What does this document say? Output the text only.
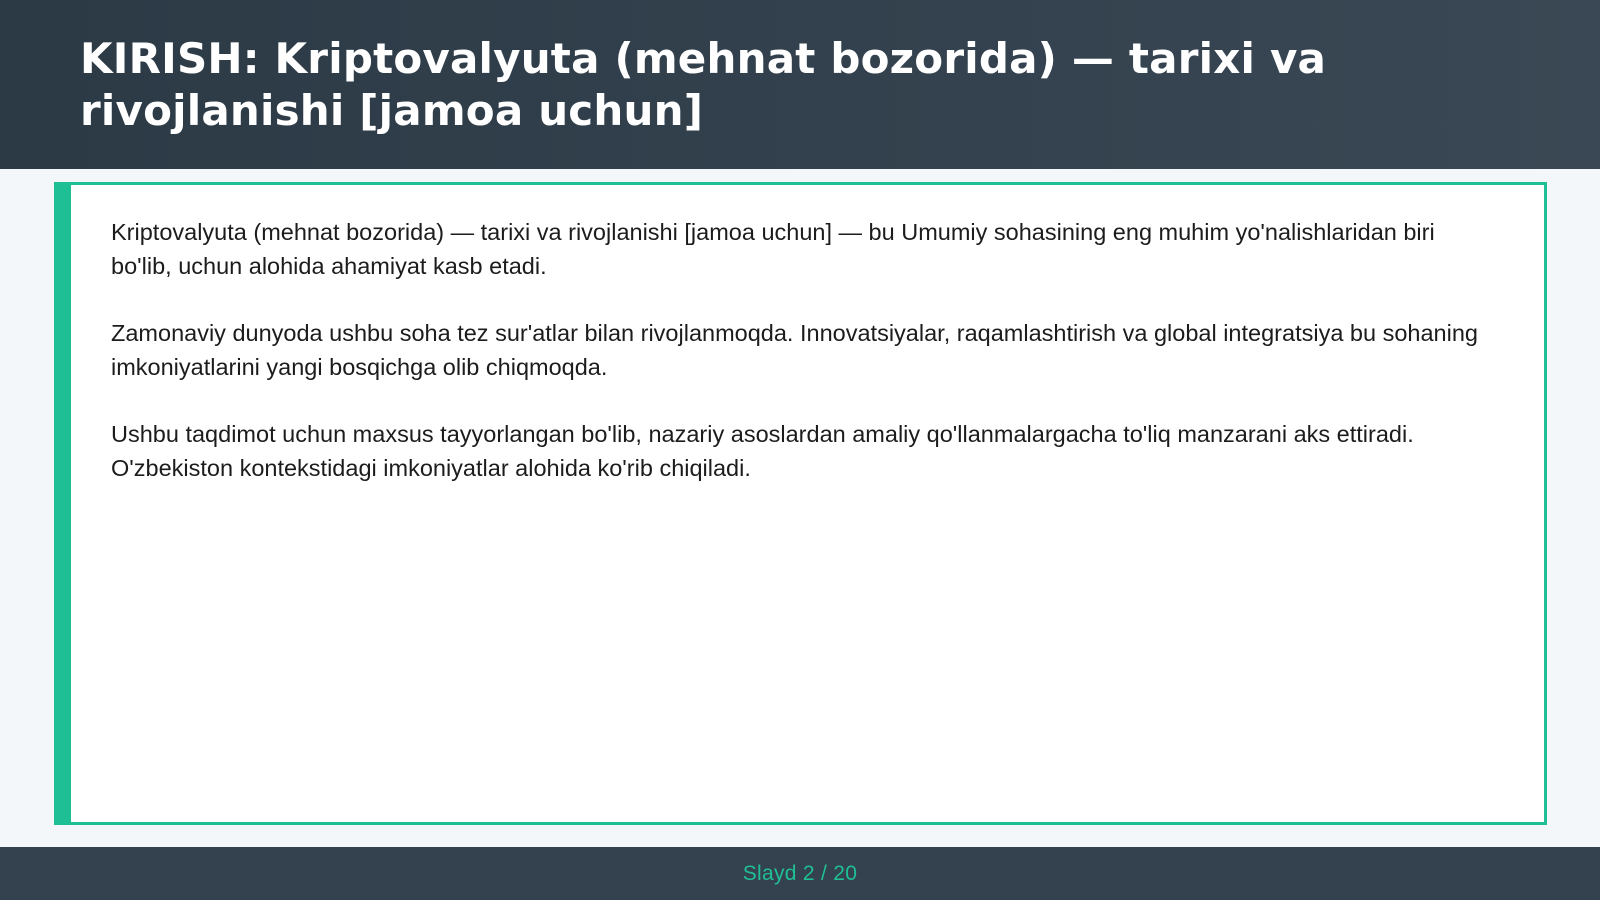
KIRISH: Kriptovalyuta (mehnat bozorida) — tarixi va rivojlanishi [jamoa uchun]

Kriptovalyuta (mehnat bozorida) — tarixi va rivojlanishi [jamoa uchun] — bu Umumiy sohasining eng muhim yo'nalishlaridan biri bo'lib, uchun alohida ahamiyat kasb etadi.

Zamonaviy dunyoda ushbu soha tez sur'atlar bilan rivojlanmoqda. Innovatsiyalar, raqamlashtirish va global integratsiya bu sohaning imkoniyatlarini yangi bosqichga olib chiqmoqda.

Ushbu taqdimot uchun maxsus tayyorlangan bo'lib, nazariy asoslardan amaliy qo'llanmalargacha to'liq manzarani aks ettiradi. O'zbekiston kontekstidagi imkoniyatlar alohida ko'rib chiqiladi.

Slayd 2 / 20
